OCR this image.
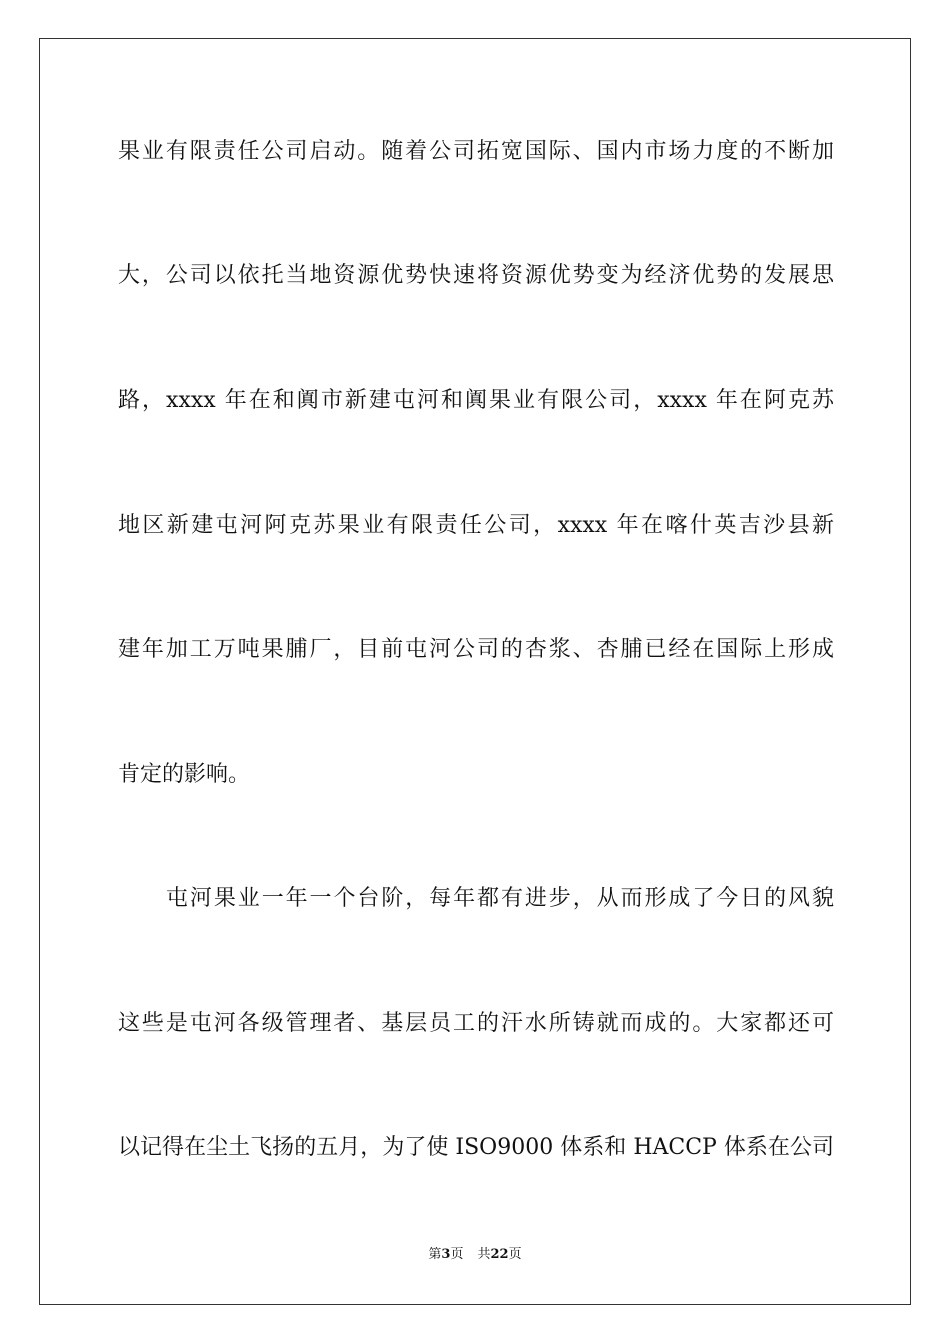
果业有限责任公司启动。随着公司拓宽国际、国内市场力度的不断加
大，公司以依托当地资源优势快速将资源优势变为经济优势的发展思
路，xxxx 年在和阗市新建屯河和阗果业有限公司，xxxx 年在阿克苏
地区新建屯河阿克苏果业有限责任公司，xxxx 年在喀什英吉沙县新
建年加工万吨果脯厂，目前屯河公司的杏浆、杏脯已经在国际上形成
肯定的影响。
屯河果业一年一个台阶，每年都有进步，从而形成了今日的风貌
这些是屯河各级管理者、基层员工的汗水所铸就而成的。大家都还可
以记得在尘土飞扬的五月，为了使 ISO9000 体系和 HACCP 体系在公司
第3页 共22页
